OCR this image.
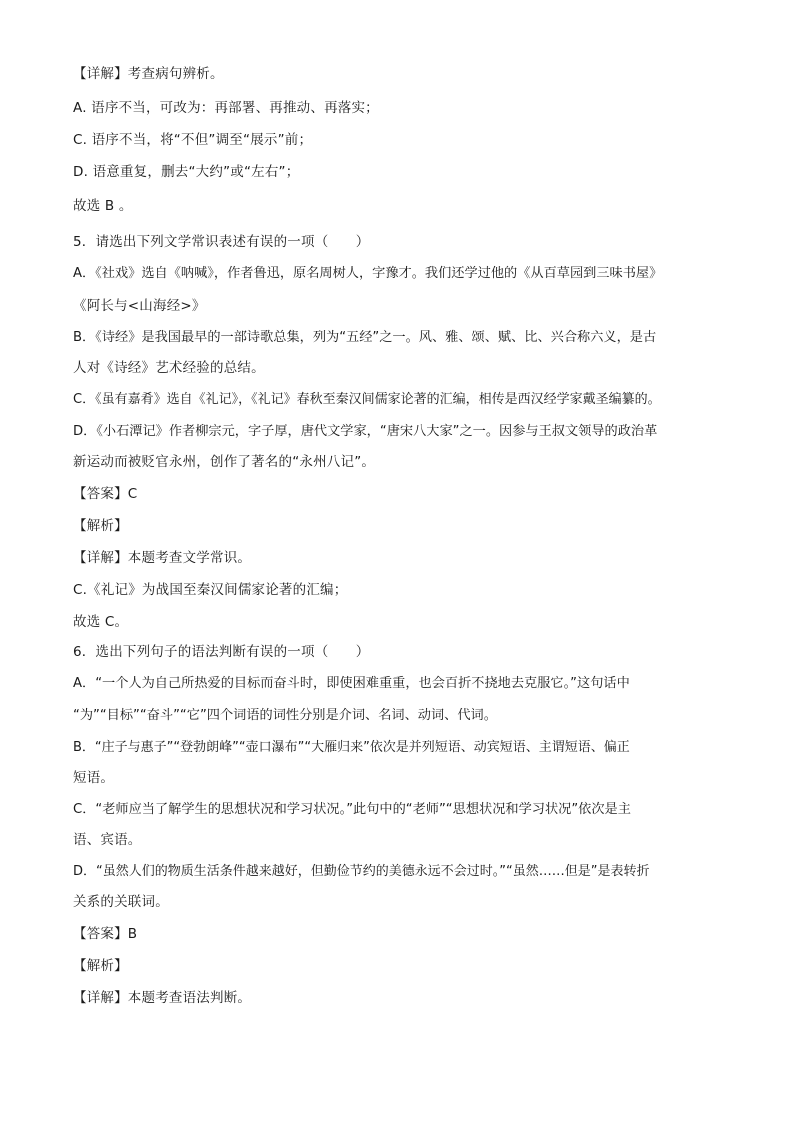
【详解】考查病句辨析。
A. 语序不当，可改为：再部署、再推动、再落实；
C. 语序不当，将“不但”调至“展示”前；
D. 语意重复，删去“大约”或“左右”；
故选 B 。
5．请选出下列文学常识表述有误的一项（　　）
A．《社戏》选自《呐喊》，作者鲁迅，原名周树人，字豫才。我们还学过他的《从百草园到三味书屋》
《阿长与<山海经>》
B．《诗经》是我国最早的一部诗歌总集，列为“五经”之一。风、雅、颂、赋、比、兴合称六义，是古
人对《诗经》艺术经验的总结。
C．《虽有嘉肴》选自《礼记》，《礼记》春秋至秦汉间儒家论著的汇编，相传是西汉经学家戴圣编纂的。
D．《小石潭记》作者柳宗元，字子厚，唐代文学家，“唐宋八大家”之一。因参与王叔文领导的政治革
新运动而被贬官永州，创作了著名的“永州八记”。
【答案】C
【解析】
【详解】本题考查文学常识。
C.《礼记》为战国至秦汉间儒家论著的汇编；
故选 C。
6．选出下列句子的语法判断有误的一项（　　）
A．“一个人为自己所热爱的目标而奋斗时，即使困难重重，也会百折不挠地去克服它。”这句话中
“为”“目标”“奋斗”“它”四个词语的词性分别是介词、名词、动词、代词。
B．“庄子与惠子”“登勃朗峰”“壶口瀑布”“大雁归来”依次是并列短语、动宾短语、主谓短语、偏正
短语。
C．“老师应当了解学生的思想状况和学习状况。”此句中的“老师”“思想状况和学习状况”依次是主
语、宾语。
D．“虽然人们的物质生活条件越来越好，但勤俭节约的美德永远不会过时。”“虽然……但是”是表转折
关系的关联词。
【答案】B
【解析】
【详解】本题考查语法判断。
